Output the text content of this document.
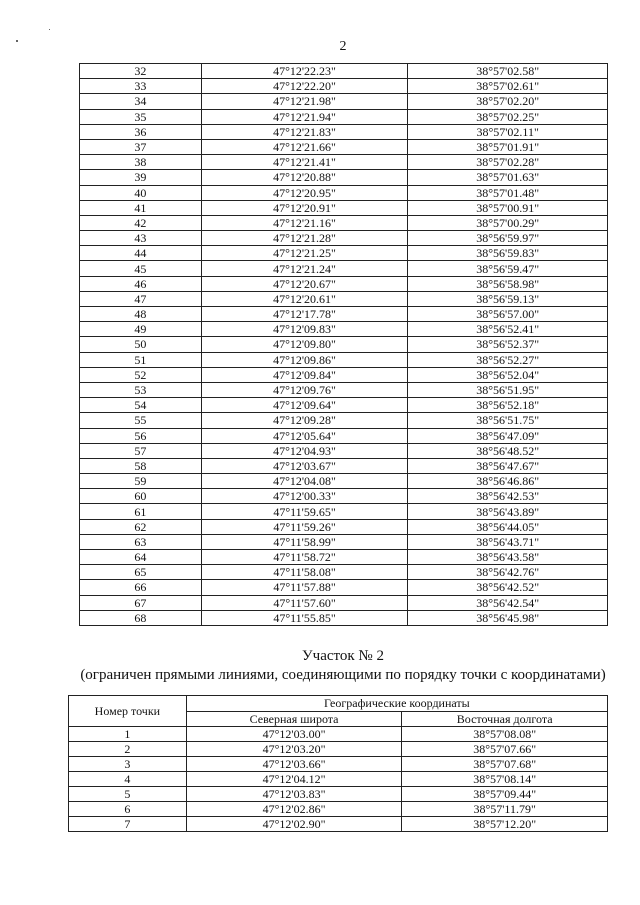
2
32	47°12'22.23"	38°57'02.58"
33	47°12'22.20"	38°57'02.61"
34	47°12'21.98"	38°57'02.20"
35	47°12'21.94"	38°57'02.25"
36	47°12'21.83"	38°57'02.11"
37	47°12'21.66"	38°57'01.91"
38	47°12'21.41"	38°57'02.28"
39	47°12'20.88"	38°57'01.63"
40	47°12'20.95"	38°57'01.48"
41	47°12'20.91"	38°57'00.91"
42	47°12'21.16"	38°57'00.29"
43	47°12'21.28"	38°56'59.97"
44	47°12'21.25"	38°56'59.83"
45	47°12'21.24"	38°56'59.47"
46	47°12'20.67"	38°56'58.98"
47	47°12'20.61"	38°56'59.13"
48	47°12'17.78"	38°56'57.00"
49	47°12'09.83"	38°56'52.41"
50	47°12'09.80"	38°56'52.37"
51	47°12'09.86"	38°56'52.27"
52	47°12'09.84"	38°56'52.04"
53	47°12'09.76"	38°56'51.95"
54	47°12'09.64"	38°56'52.18"
55	47°12'09.28"	38°56'51.75"
56	47°12'05.64"	38°56'47.09"
57	47°12'04.93"	38°56'48.52"
58	47°12'03.67"	38°56'47.67"
59	47°12'04.08"	38°56'46.86"
60	47°12'00.33"	38°56'42.53"
61	47°11'59.65"	38°56'43.89"
62	47°11'59.26"	38°56'44.05"
63	47°11'58.99"	38°56'43.71"
64	47°11'58.72"	38°56'43.58"
65	47°11'58.08"	38°56'42.76"
66	47°11'57.88"	38°56'42.52"
67	47°11'57.60"	38°56'42.54"
68	47°11'55.85"	38°56'45.98"
Участок № 2
(ограничен прямыми линиями, соединяющими по порядку точки с координатами)
Номер точки	Географические координаты	
	Северная широта	Восточная долгота
1	47°12'03.00"	38°57'08.08"
2	47°12'03.20"	38°57'07.66"
3	47°12'03.66"	38°57'07.68"
4	47°12'04.12"	38°57'08.14"
5	47°12'03.83"	38°57'09.44"
6	47°12'02.86"	38°57'11.79"
7	47°12'02.90"	38°57'12.20"
